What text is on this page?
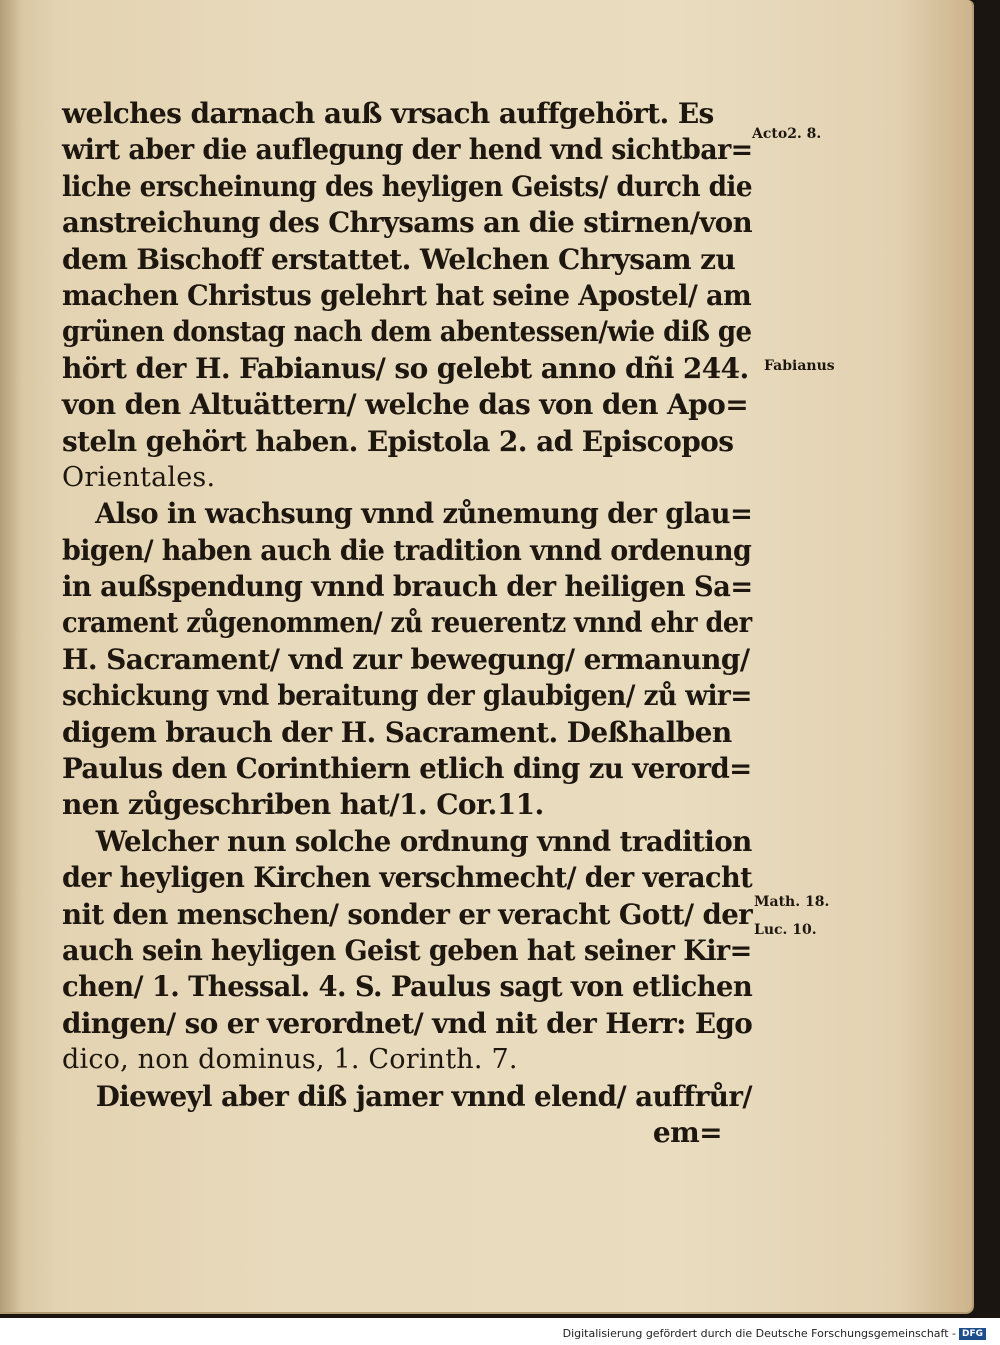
welches darnach auß vrsach auffgehört. Es
wirt aber die auflegung der hend vnd sichtbar=
liche erscheinung des heyligen Geists/ durch die
anstreichung des Chrysams an die stirnen/von
dem Bischoff erstattet. Welchen Chrysam zu
machen Christus gelehrt hat seine Apostel/ am
grünen donstag nach dem abentessen/wie diß ge
hört der H. Fabianus/ so gelebt anno dñi 244.
von den Altuättern/ welche das von den Apo=
steln gehört haben. Epistola 2. ad Episcopos
Orientales.
Also in wachsung vnnd zůnemung der glau=
bigen/ haben auch die tradition vnnd ordenung
in außspendung vnnd brauch der heiligen Sa=
crament zůgenommen/ zů reuerentz vnnd ehr der
H. Sacrament/ vnd zur bewegung/ ermanung/
schickung vnd beraitung der glaubigen/ zů wir=
digem brauch der H. Sacrament. Deßhalben
Paulus den Corinthiern etlich ding zu verord=
nen zůgeschriben hat/1. Cor.11.
Welcher nun solche ordnung vnnd tradition
der heyligen Kirchen verschmecht/ der veracht
nit den menschen/ sonder er veracht Gott/ der
auch sein heyligen Geist geben hat seiner Kir=
chen/ 1. Thessal. 4. S. Paulus sagt von etlichen
dingen/ so er verordnet/ vnd nit der Herr: Ego
dico, non dominus, 1. Corinth. 7.
Dieweyl aber diß jamer vnnd elend/ auffrůr/
em=
Acto2. 8.
Fabianus
Math. 18.
Luc. 10.
Digitalisierung gefördert durch die Deutsche Forschungsgemeinschaft - DFG
